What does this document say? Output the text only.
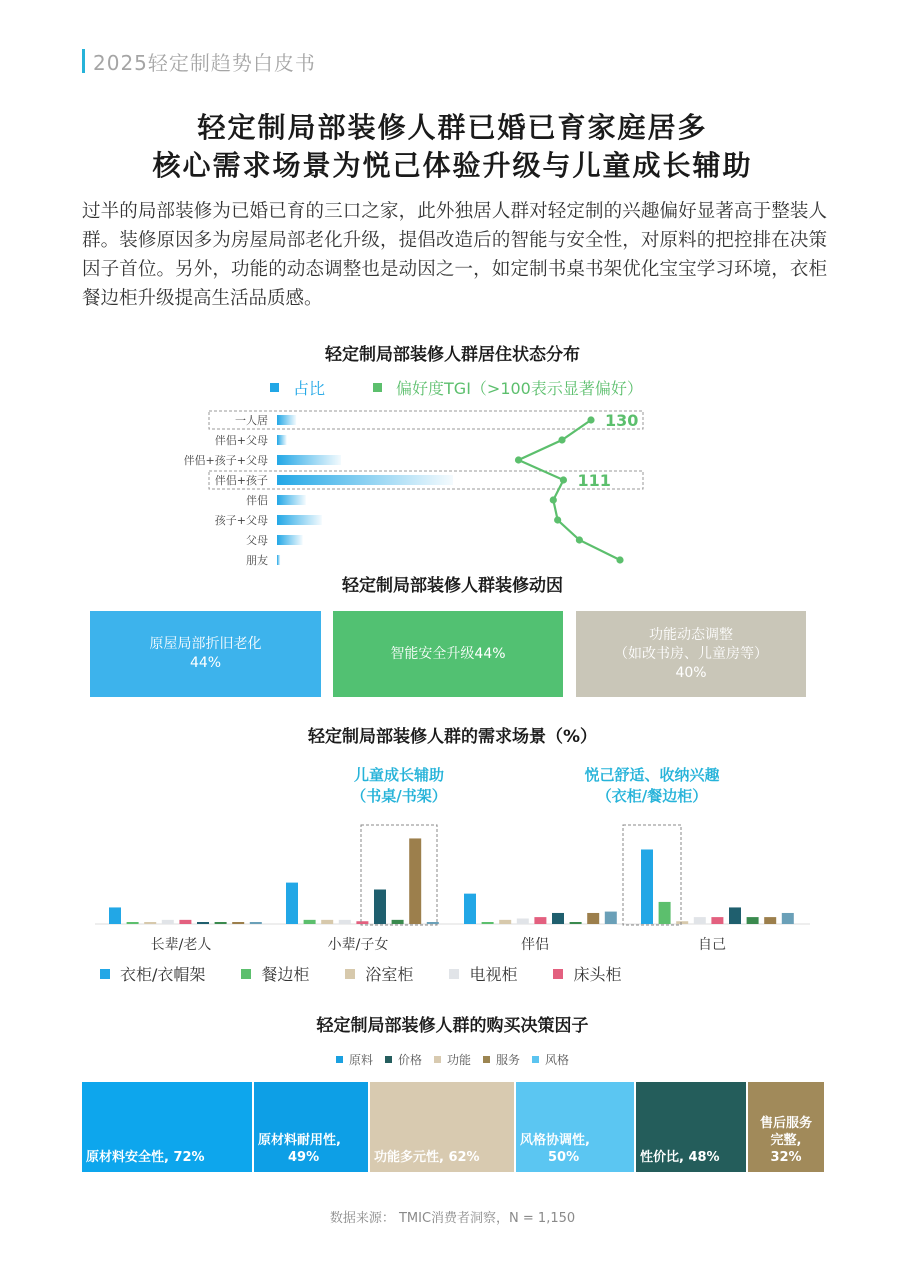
2025轻定制趋势白皮书
轻定制局部装修人群已婚已育家庭居多
核心需求场景为悦己体验升级与儿童成长辅助
过半的局部装修为已婚已育的三口之家，此外独居人群对轻定制的兴趣偏好显著高于整装人群。装修原因多为房屋局部老化升级，提倡改造后的智能与安全性，对原料的把控排在决策因子首位。另外，功能的动态调整也是动因之一，如定制书桌书架优化宝宝学习环境，衣柜餐边柜升级提高生活品质感。
轻定制局部装修人群居住状态分布
占比	偏好度TGI（>100表示显著偏好）
一人居
伴侣+父母
伴侣+孩子+父母
伴侣+孩子
伴侣
孩子+父母
父母
朋友
130
111
轻定制局部装修人群装修动因
原屋局部折旧老化
44%
智能安全升级44%
功能动态调整
（如改书房、儿童房等）
40%
轻定制局部装修人群的需求场景（%）
长辈/老人	小辈/子女	伴侣	自己
儿童成长辅助
（书桌/书架）
悦己舒适、收纳兴趣
（衣柜/餐边柜）
衣柜/衣帽架	餐边柜	浴室柜	电视柜	床头柜
轻定制局部装修人群的购买决策因子
原料 价格 功能 服务 风格
原材料安全性, 72%
原材料耐用性,
49%	功能多元性, 62%
风格协调性,
50%	性价比, 48%
售后服务
完整,
32%
数据来源： TMIC消费者洞察，N = 1,150
